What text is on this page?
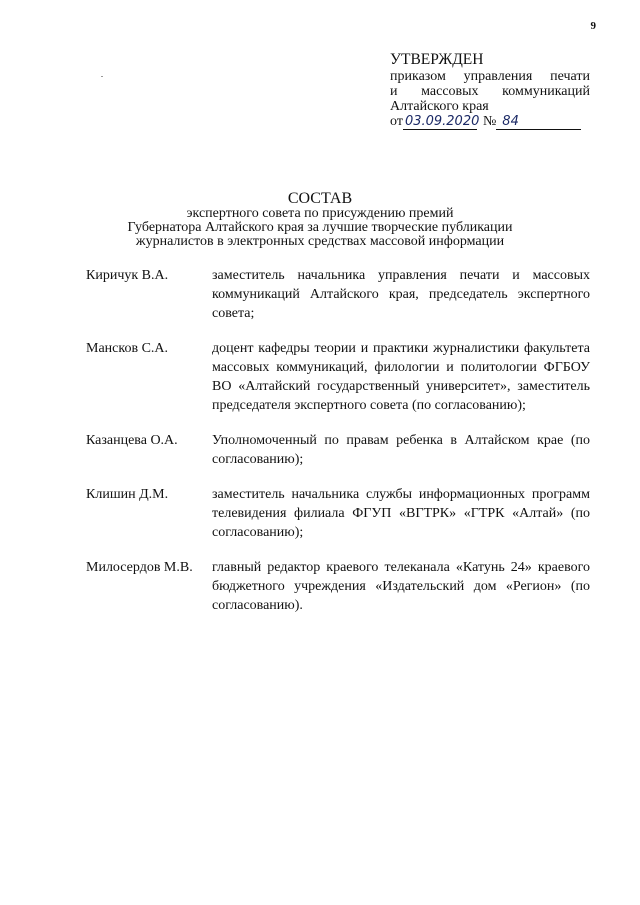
9
УТВЕРЖДЕН
приказом управления печати
и массовых коммуникаций
Алтайского края
от 03.09.2020 № 84
СОСТАВ
экспертного совета по присуждению премий
Губернатора Алтайского края за лучшие творческие публикации
журналистов в электронных средствах массовой информации
Киричук В.А.	заместитель начальника управления печати и массовых коммуникаций Алтайского края, председатель экспертного совета;
Мансков С.А.	доцент кафедры теории и практики журналистики факультета массовых коммуникаций, филологии и политологии ФГБОУ ВО «Алтайский государственный университет», заместитель председателя экспертного совета (по согласованию);
Казанцева О.А.	Уполномоченный по правам ребенка в Алтайском крае (по согласованию);
Клишин Д.М.	заместитель начальника службы информационных программ телевидения филиала ФГУП «ВГТРК» «ГТРК «Алтай» (по согласованию);
Милосердов М.В.	главный редактор краевого телеканала «Катунь 24» краевого бюджетного учреждения «Издательский дом «Регион» (по согласованию).
